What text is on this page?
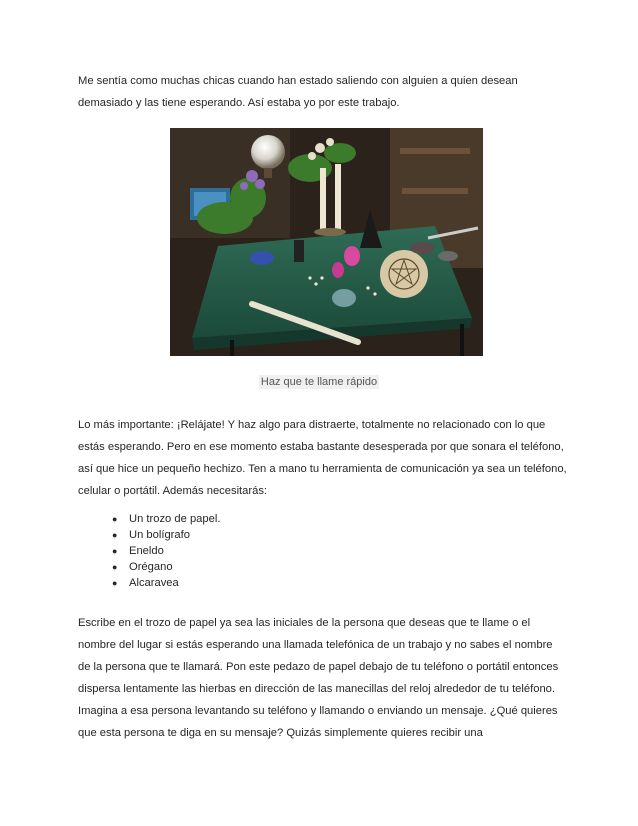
Me sentía como muchas chicas cuando han estado saliendo con alguien a quien desean demasiado y las tiene esperando. Así estaba yo por este trabajo.

Haz que te llame rápido

Lo más importante: ¡Relájate! Y haz algo para distraerte, totalmente no relacionado con lo que estás esperando. Pero en ese momento estaba bastante desesperada por que sonara el teléfono, así que hice un pequeño hechizo. Ten a mano tu herramienta de comunicación ya sea un teléfono, celular o portátil. Además necesitarás:

● Un trozo de papel.
● Un bolígrafo
● Eneldo
● Orégano
● Alcaravea

Escribe en el trozo de papel ya sea las iniciales de la persona que deseas que te llame o el nombre del lugar si estás esperando una llamada telefónica de un trabajo y no sabes el nombre de la persona que te llamará. Pon este pedazo de papel debajo de tu teléfono o portátil entonces dispersa lentamente las hierbas en dirección de las manecillas del reloj alrededor de tu teléfono. Imagina a esa persona levantando su teléfono y llamando o enviando un mensaje. ¿Qué quieres que esta persona te diga en su mensaje? Quizás simplemente quieres recibir una
